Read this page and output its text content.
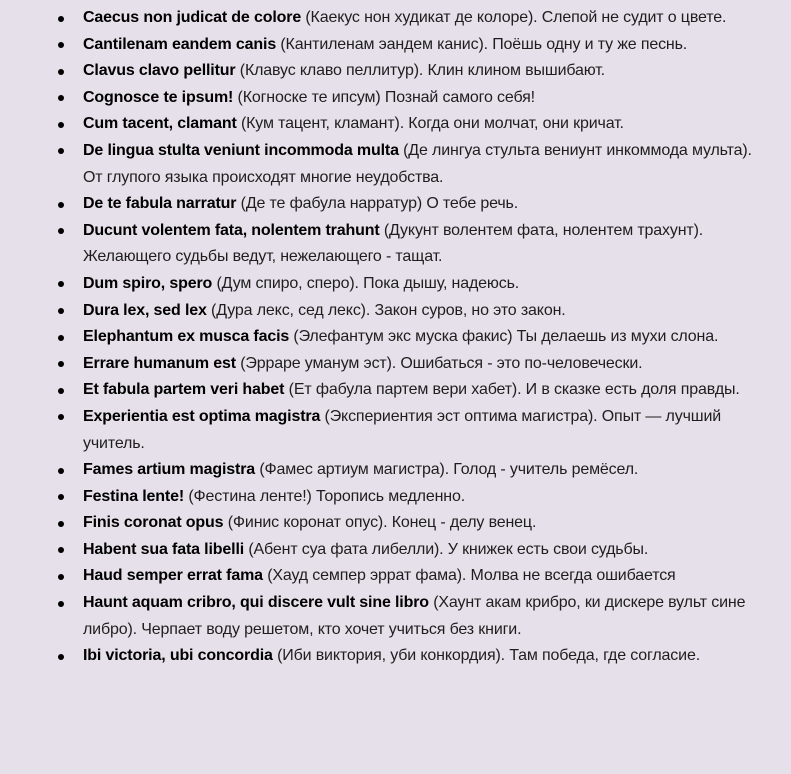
Caecus non judicat de colore (Каекус нон худикат де колоре). Слепой не судит о цвете.
Cantilenam eandem canis (Кантиленам эандем канис). Поёшь одну и ту же песнь.
Clavus clavo pellitur (Клавус клаво пеллитур). Клин клином вышибают.
Cognosce te ipsum! (Когноске те ипсум) Познай самого себя!
Cum tacent, clamant (Кум тацент, кламант). Когда они молчат, они кричат.
De lingua stulta veniunt incommoda multa (Де лингуа стульта вениунт инкоммода мульта). От глупого языка происходят многие неудобства.
De te fabula narratur (Де те фабула нарратур) О тебе речь.
Ducunt volentem fata, nolentem trahunt (Дукунт волентем фата, нолентем трахунт). Желающего судьбы ведут, нежелающего - тащат.
Dum spiro, spero (Дум спиро, сперо). Пока дышу, надеюсь.
Dura lex, sed lex (Дура лекс, сед лекс). Закон суров, но это закон.
Elephantum ex musca facis (Элефантум экс муска факис) Ты делаешь из мухи слона.
Errare humanum est (Эрраре уманум эст). Ошибаться - это по-человечески.
Et fabula partem veri habet (Ет фабула партем вери хабет). И в сказке есть доля правды.
Experientia est optima magistra (Экспериентия эст оптима магистра). Опыт — лучший учитель.
Fames artium magistra (Фамес артиум магистра). Голод - учитель ремёсел.
Festina lente! (Фестина ленте!) Торопись медленно.
Finis coronat opus (Финис коронат опус). Конец - делу венец.
Habent sua fata libelli (Абент суа фата либелли). У книжек есть свои судьбы.
Haud semper errat fama (Хауд семпер эррат фама). Молва не всегда ошибается
Haunt aquam cribro, qui discere vult sine libro (Хаунт акам крибро, ки дискере вульт сине либро). Черпает воду решетом, кто хочет учиться без книги.
Ibi victoria, ubi concordia (Иби виктория, уби конкордия). Там победа, где согласие.
